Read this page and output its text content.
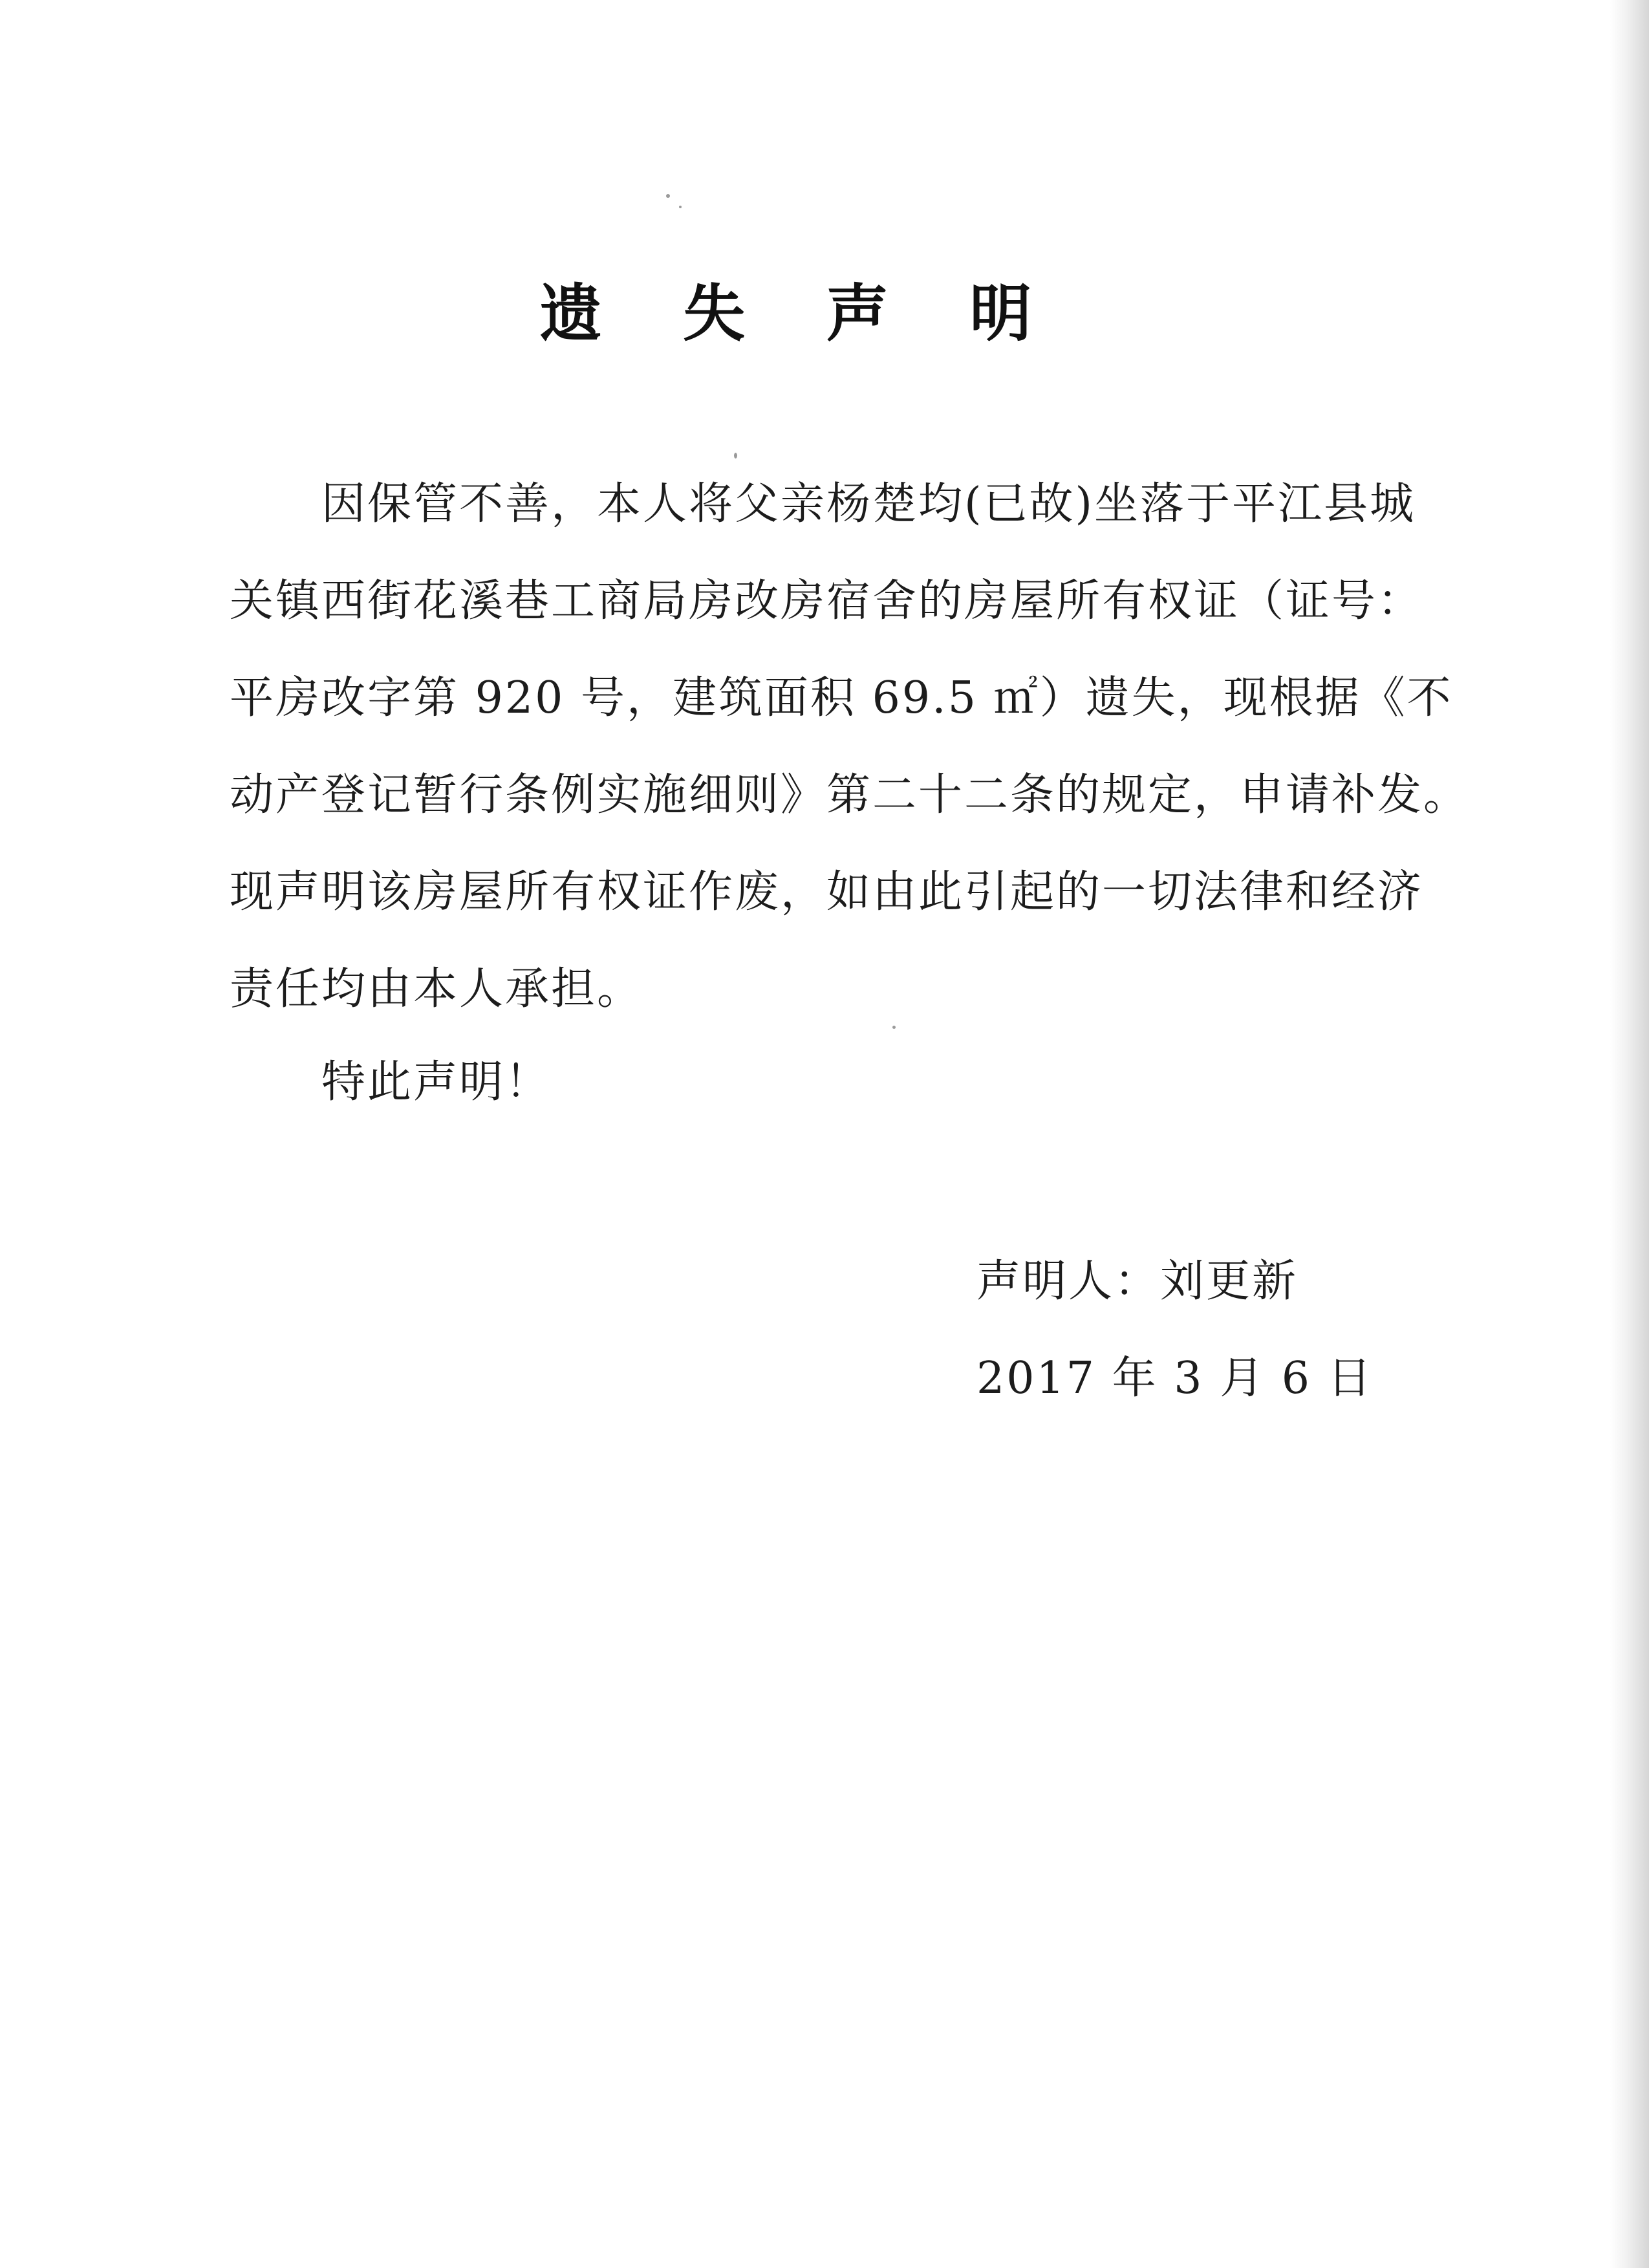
遗 失 声 明
　　因保管不善，本人将父亲杨楚均(已故)坐落于平江县城
关镇西街花溪巷工商局房改房宿舍的房屋所有权证（证号：
平房改字第 920 号，建筑面积 69.5 ㎡）遗失，现根据《不
动产登记暂行条例实施细则》第二十二条的规定，申请补发。
现声明该房屋所有权证作废，如由此引起的一切法律和经济
责任均由本人承担。
　　特此声明！
声明人：刘更新
2017 年 3 月 6 日
